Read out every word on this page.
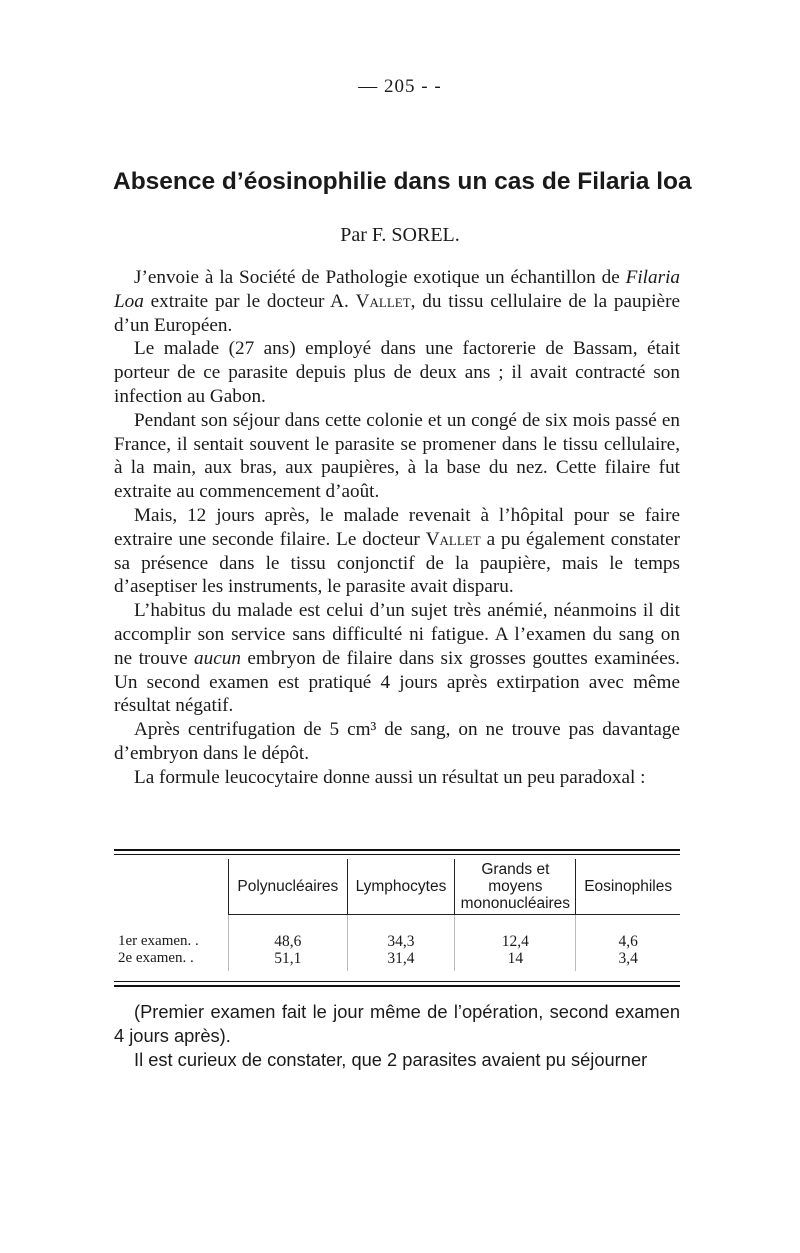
— 205 - -
Absence d’éosinophilie dans un cas de Filaria loa
Par F. SOREL.

J’envoie à la Société de Pathologie exotique un échantillon de Filaria Loa extraite par le docteur A. Vallet, du tissu cellulaire de la paupière d’un Européen.

Le malade (27 ans) employé dans une factorerie de Bassam, était porteur de ce parasite depuis plus de deux ans ; il avait contracté son infection au Gabon.

Pendant son séjour dans cette colonie et un congé de six mois passé en France, il sentait souvent le parasite se promener dans le tissu cellulaire, à la main, aux bras, aux paupières, à la base du nez. Cette filaire fut extraite au commencement d’août.

Mais, 12 jours après, le malade revenait à l’hôpital pour se faire extraire une seconde filaire. Le docteur Vallet a pu également constater sa présence dans le tissu conjonctif de la paupière, mais le temps d’aseptiser les instruments, le parasite avait disparu.

L’habitus du malade est celui d’un sujet très anémié, néanmoins il dit accomplir son service sans difficulté ni fatigue. A l’examen du sang on ne trouve aucun embryon de filaire dans six grosses gouttes examinées. Un second examen est pratiqué 4 jours après extirpation avec même résultat négatif.

Après centrifugation de 5 cm³ de sang, on ne trouve pas davantage d’embryon dans le dépôt.

La formule leucocytaire donne aussi un résultat un peu paradoxal :

	Polynucléaires	Lymphocytes	Grands et moyens mononucléaires	Eosinophiles
1er examen. .	48,6	34,3	12,4	4,6
2e examen. .	51,1	31,4	14	3,4

(Premier examen fait le jour même de l’opération, second examen 4 jours après).

Il est curieux de constater, que 2 parasites avaient pu séjourner
